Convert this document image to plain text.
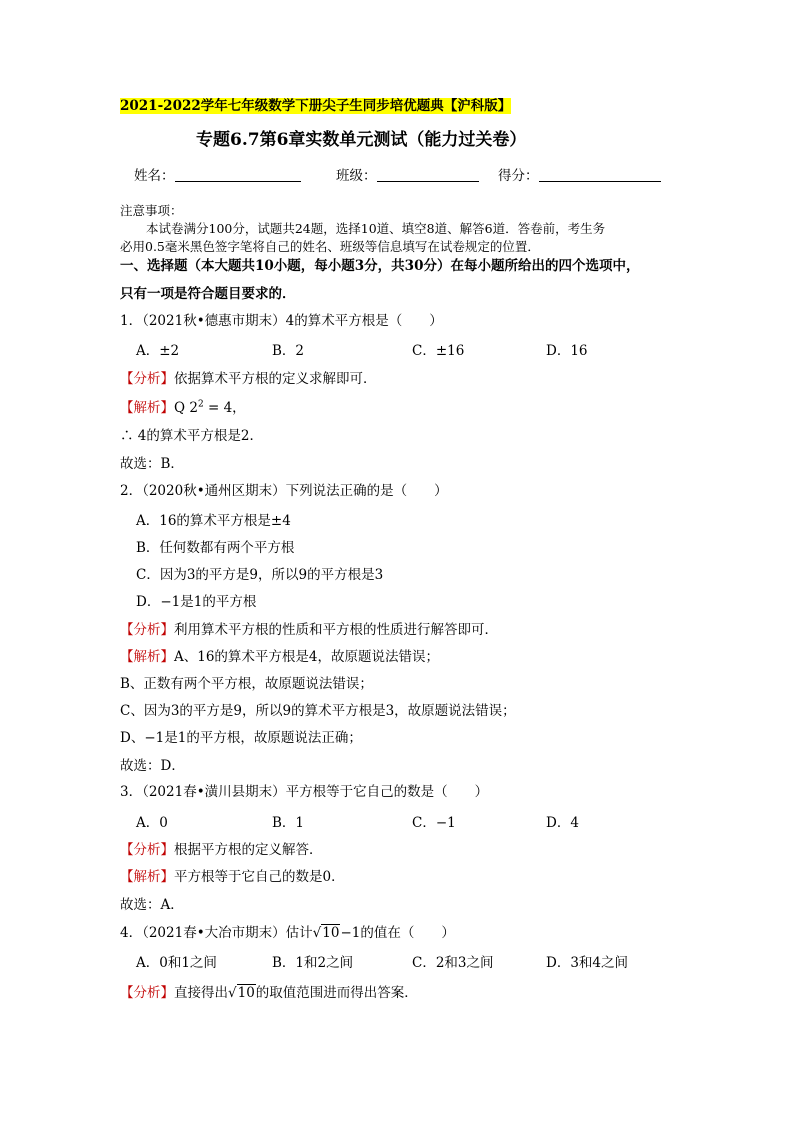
2021-2022学年七年级数学下册尖子生同步培优题典【沪科版】
专题6.7第6章实数单元测试（能力过关卷）
姓名：	班级：	得分：
注意事项：
本试卷满分100分，试题共24题，选择10道、填空8道、解答6道．答卷前，考生务
必用0.5毫米黑色签字笔将自己的姓名、班级等信息填写在试卷规定的位置．
一、选择题（本大题共10小题，每小题3分，共30分）在每小题所给出的四个选项中，
只有一项是符合题目要求的．
1．（2021秋•德惠市期末）4的算术平方根是（　　）
A．±2	B．2	C．±16	D．16
【分析】依据算术平方根的定义求解即可．
【解析】Q $2^2 = 4$，
∴ 4的算术平方根是2．
故选：B．
2．（2020秋•通州区期末）下列说法正确的是（　　）
A．16的算术平方根是±4
B．任何数都有两个平方根
C．因为3的平方是9，所以9的平方根是3
D．−1是1的平方根
【分析】利用算术平方根的性质和平方根的性质进行解答即可．
【解析】A、16的算术平方根是4，故原题说法错误；
B、正数有两个平方根，故原题说法错误；
C、因为3的平方是9，所以9的算术平方根是3，故原题说法错误；
D、−1是1的平方根，故原题说法正确；
故选：D．
3．（2021春•潢川县期末）平方根等于它自己的数是（　　）
A．0	B．1	C．−1	D．4
【分析】根据平方根的定义解答．
【解析】平方根等于它自己的数是0．
故选：A．
4．（2021春•大冶市期末）估计√10−1的值在（　　）
A．0和1之间	B．1和2之间	C．2和3之间	D．3和4之间
【分析】直接得出√10的取值范围进而得出答案．
